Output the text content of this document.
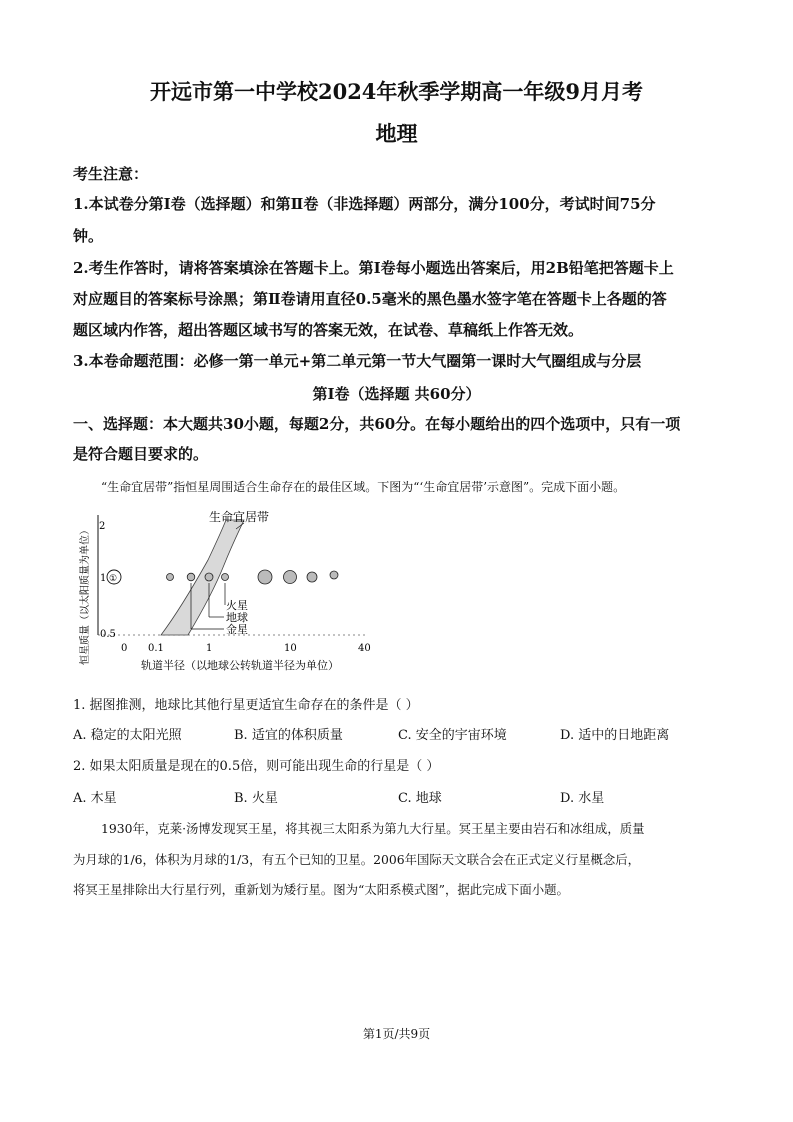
开远市第一中学校2024年秋季学期高一年级9月月考
地理
考生注意：
1.本试卷分第Ⅰ卷（选择题）和第Ⅱ卷（非选择题）两部分，满分100分，考试时间75分
钟。
2.考生作答时，请将答案填涂在答题卡上。第Ⅰ卷每小题选出答案后，用2B铅笔把答题卡上
对应题目的答案标号涂黑；第Ⅱ卷请用直径0.5毫米的黑色墨水签字笔在答题卡上各题的答
题区域内作答，超出答题区域书写的答案无效，在试卷、草稿纸上作答无效。
3.本卷命题范围：必修一第一单元+第二单元第一节大气圈第一课时大气圈组成与分层
第Ⅰ卷（选择题 共60分）
一、选择题：本大题共30小题，每题2分，共60分。在每小题给出的四个选项中，只有一项
是符合题目要求的。
“生命宜居带”指恒星周围适合生命存在的最佳区域。下图为“‘生命宜居带’示意图”。完成下面小题。
生命宜居带
2
1
0.5
①
火星
地球
金星
0 0.1	1	10	40
轨道半径（以地球公转轨道半径为单位）
恒星质量（以太阳质量为单位）
1. 据图推测，地球比其他行星更适宜生命存在的条件是（ ）
A. 稳定的太阳光照	B. 适宜的体积质量	C. 安全的宇宙环境	D. 适中的日地距离
2. 如果太阳质量是现在的0.5倍，则可能出现生命的行星是（ ）
A. 木星	B. 火星	C. 地球	D. 水星
1930年，克莱·汤博发现冥王星，将其视三太阳系为第九大行星。冥王星主要由岩石和冰组成，质量
为月球的1/6，体积为月球的1/3，有五个已知的卫星。2006年国际天文联合会在正式定义行星概念后，
将冥王星排除出大行星行列，重新划为矮行星。图为“太阳系模式图”，据此完成下面小题。
第1页/共9页
